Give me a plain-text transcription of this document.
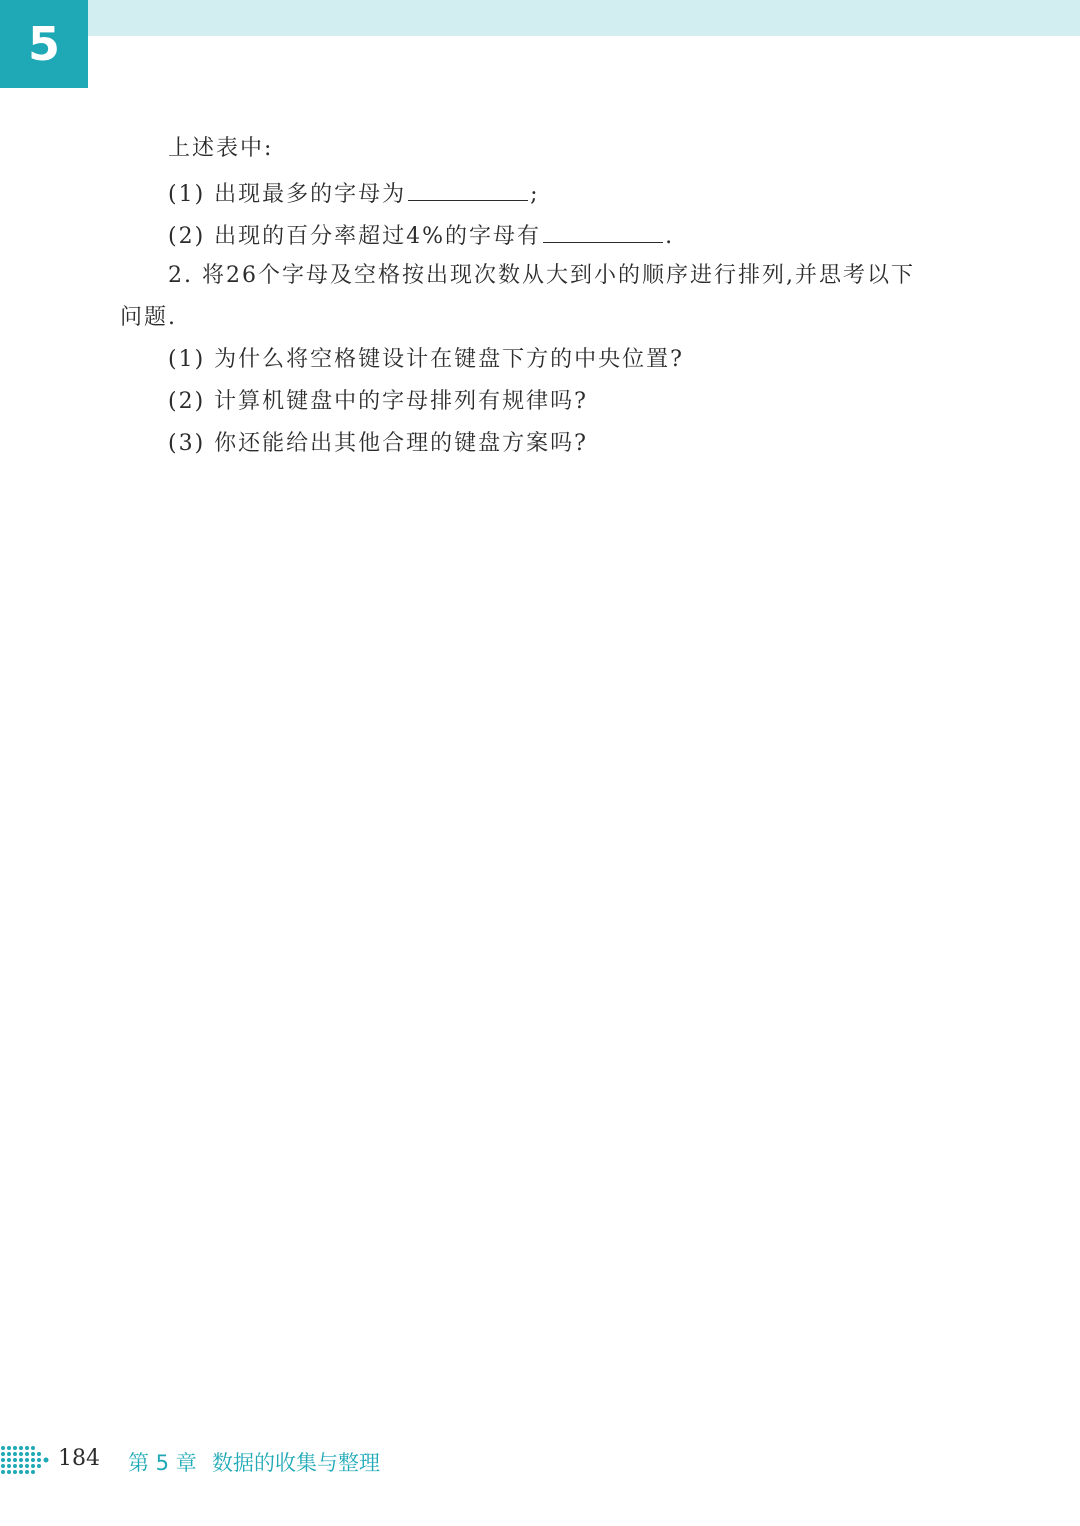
5
上述表中:
(1) 出现最多的字母为	;
(2) 出现的百分率超过4%的字母有	.
2. 将26个字母及空格按出现次数从大到小的顺序进行排列,并思考以下
问题.
(1) 为什么将空格键设计在键盘下方的中央位置?
(2) 计算机键盘中的字母排列有规律吗?
(3) 你还能给出其他合理的键盘方案吗?
184 第 5 章 数据的收集与整理
